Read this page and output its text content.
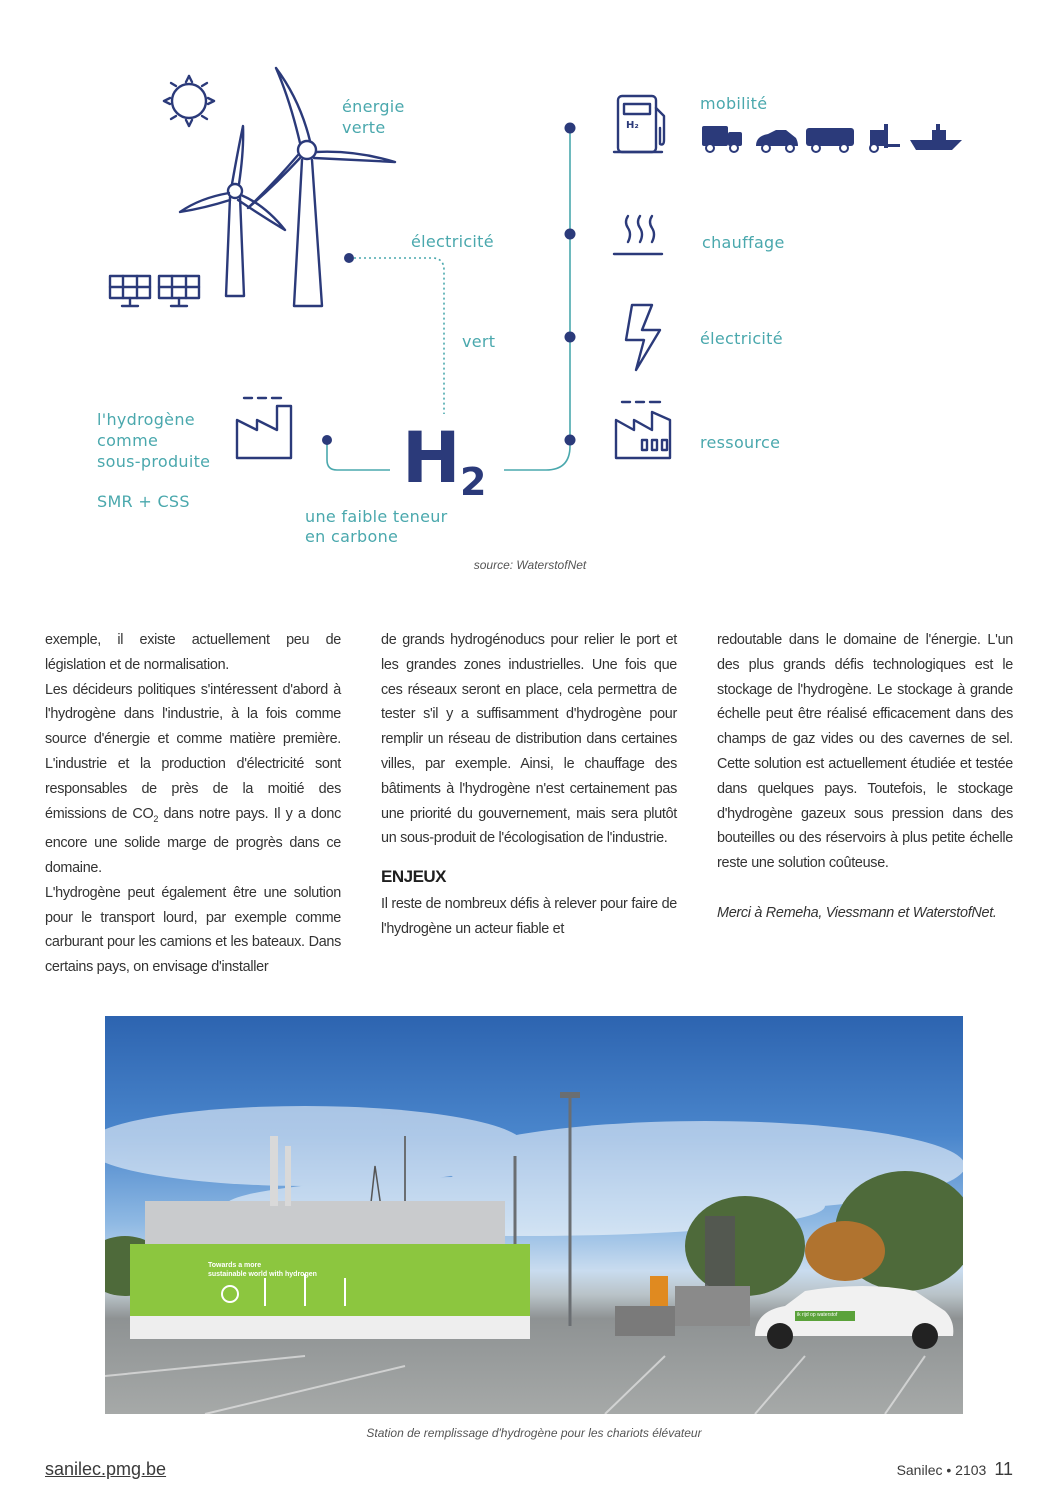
énergie
verte
électricité
vert
l'hydrogène
comme
sous-produite
SMR + CSS
une faible teneur
en carbone
H 2
H₂
mobilité
chauffage
électricité
ressource
source: WaterstofNet

exemple, il existe actuellement peu de législation et de normalisation.

Les décideurs politiques s'intéressent d'abord à l'hydrogène dans l'industrie, à la fois comme source d'énergie et comme matière première. L'industrie et la production d'électricité sont responsables de près de la moitié des émissions de $CO_2$ dans notre pays. Il y a donc encore une solide marge de progrès dans ce domaine.

L'hydrogène peut également être une solution pour le transport lourd, par exemple comme carburant pour les camions et les bateaux. Dans certains pays, on envisage d'installer

de grands hydrogénoducs pour relier le port et les grandes zones industrielles. Une fois que ces réseaux seront en place, cela permettra de tester s'il y a suffisamment d'hydrogène pour remplir un réseau de distribution dans certaines villes, par exemple. Ainsi, le chauffage des bâtiments à l'hydrogène n'est certainement pas une priorité du gouvernement, mais sera plutôt un sous-produit de l'écologisation de l'industrie.

ENJEUX

Il reste de nombreux défis à relever pour faire de l'hydrogène un acteur fiable et

redoutable dans le domaine de l'énergie. L'un des plus grands défis technologiques est le stockage de l'hydrogène. Le stockage à grande échelle peut être réalisé efficacement dans des champs de gaz vides ou des cavernes de sel. Cette solution est actuellement étudiée et testée dans quelques pays. Toutefois, le stockage d'hydrogène gazeux sous pression dans des bouteilles ou des réservoirs à plus petite échelle reste une solution coûteuse.

Merci à Remeha, Viessmann et WaterstofNet.

Towards a more
sustainable world with hydrogen
ik rijd op waterstof
Station de remplissage d'hydrogène pour les chariots élévateur
sanilec.pmg.be	Sanilec • 2103 11
